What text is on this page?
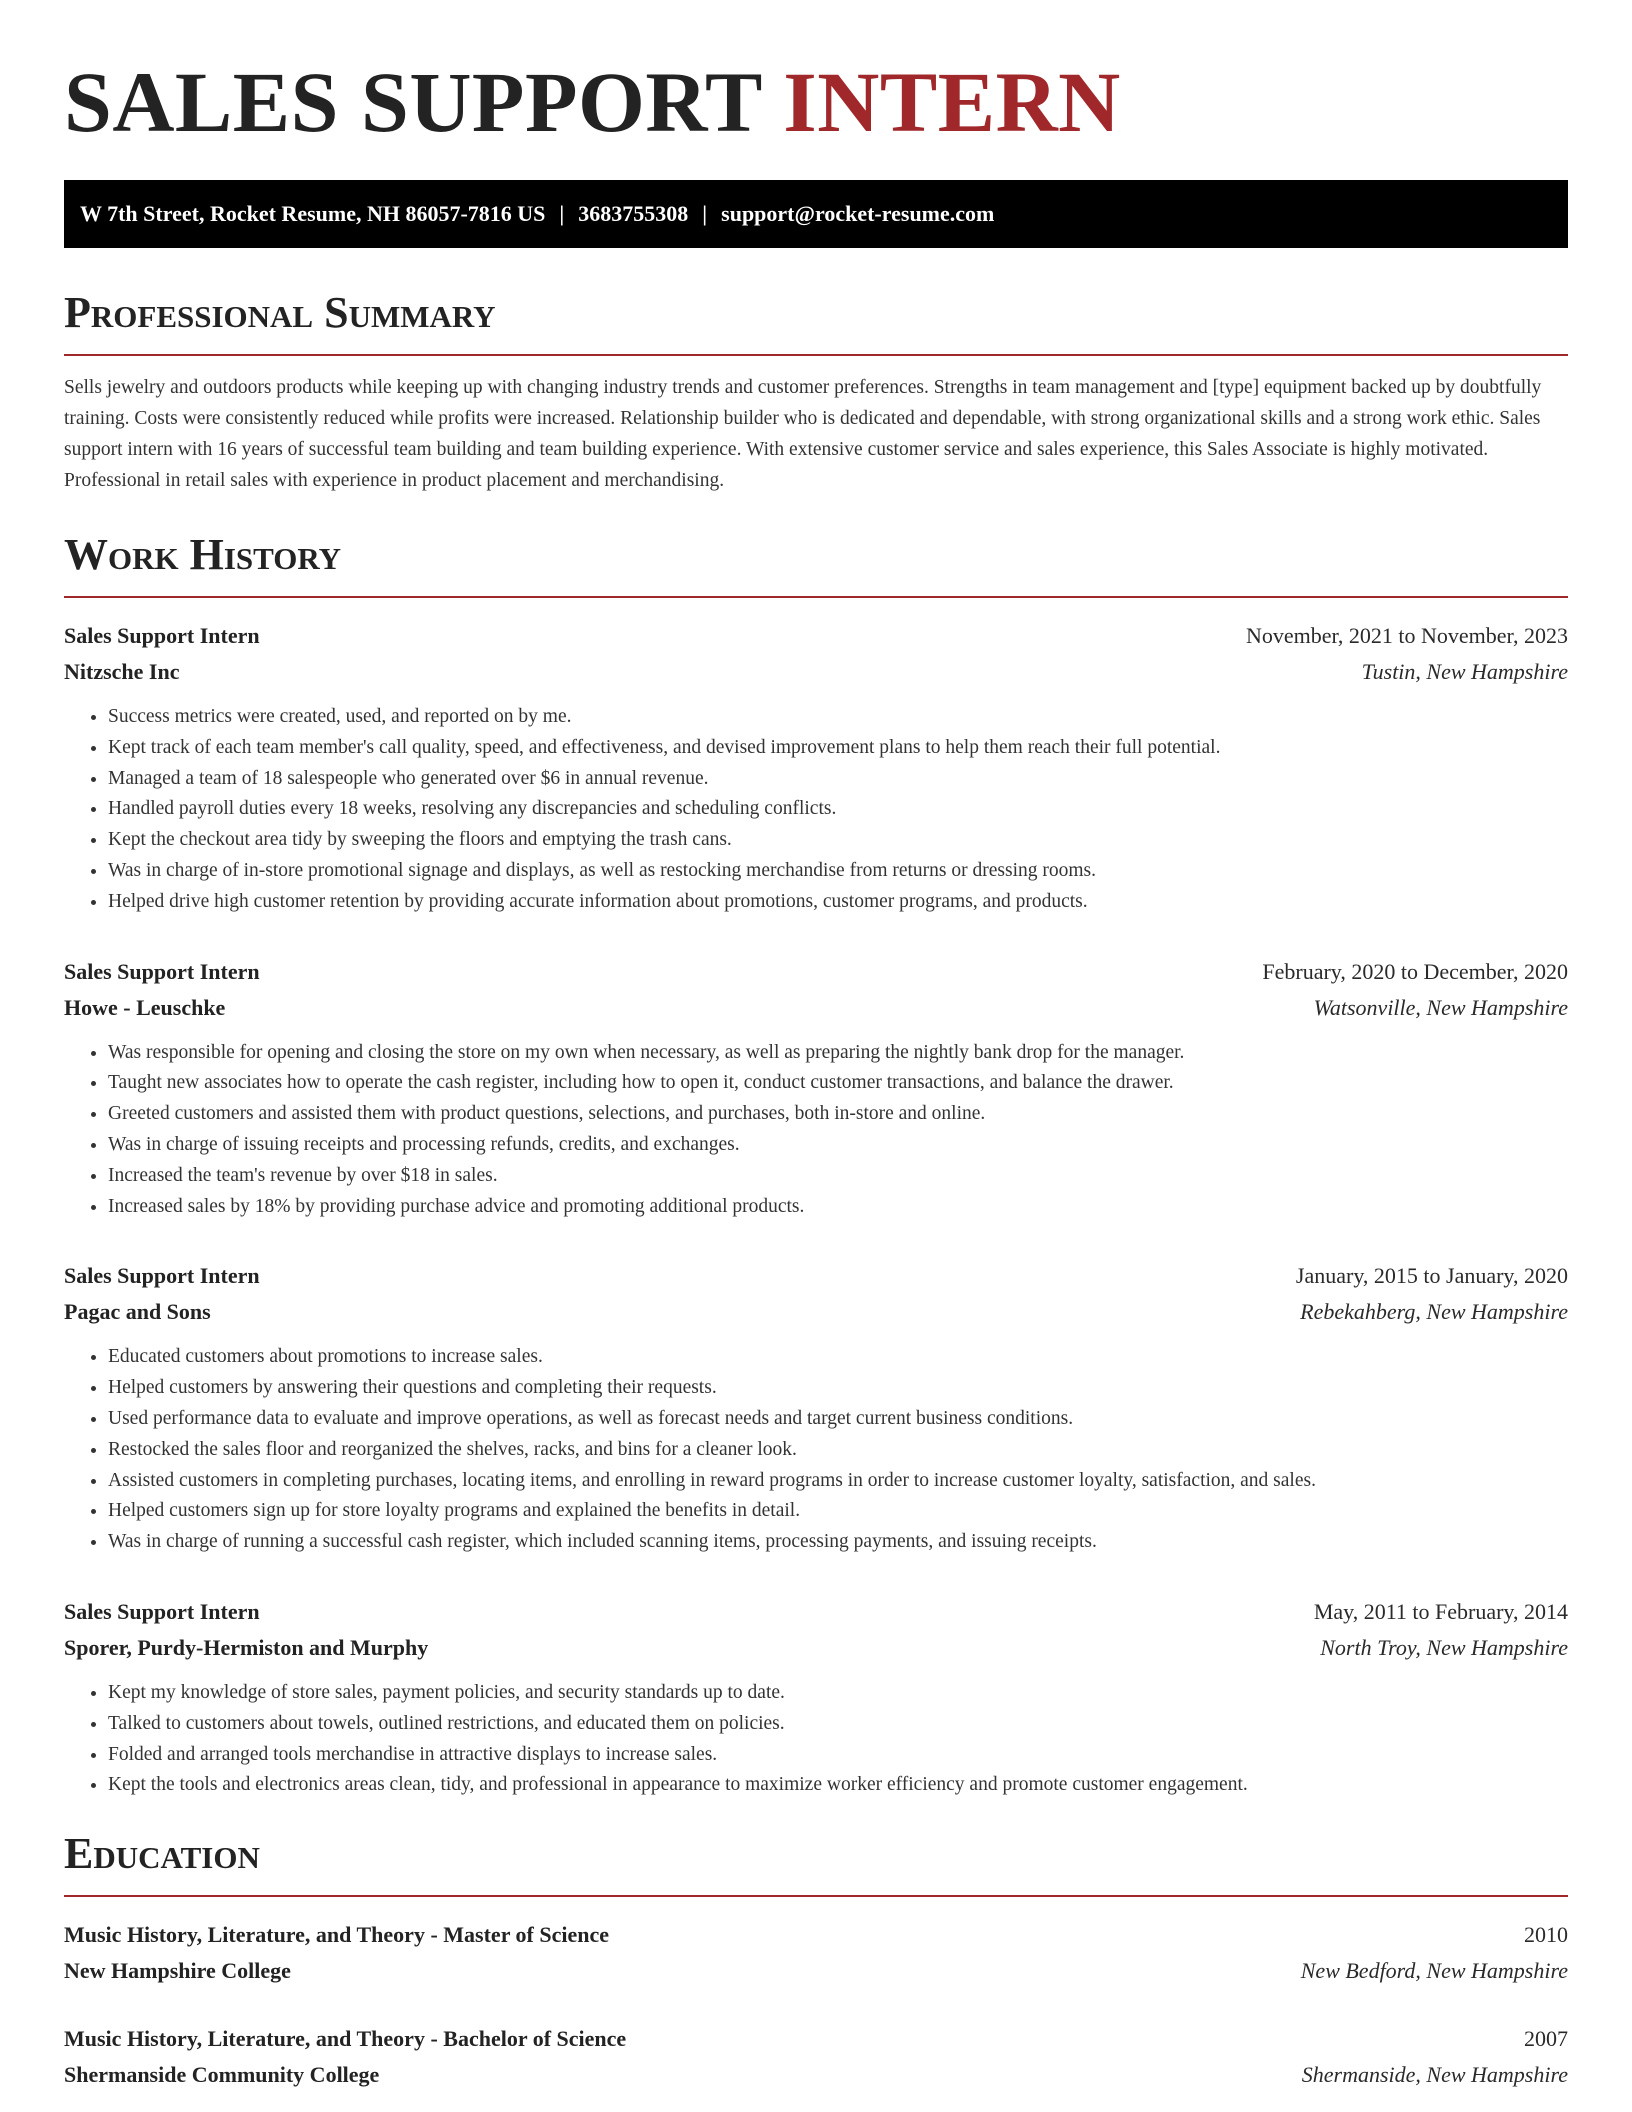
SALES SUPPORT INTERN
W 7th Street, Rocket Resume, NH 86057-7816 US | 3683755308 | support@rocket-resume.com
Professional Summary

Sells jewelry and outdoors products while keeping up with changing industry trends and customer preferences. Strengths in team management and [type] equipment backed up by doubtfully training. Costs were consistently reduced while profits were increased. Relationship builder who is dedicated and dependable, with strong organizational skills and a strong work ethic. Sales support intern with 16 years of successful team building and team building experience. With extensive customer service and sales experience, this Sales Associate is highly motivated. Professional in retail sales with experience in product placement and merchandising.

Work History
Sales Support Intern	November, 2021 to November, 2023
Nitzsche Inc	Tustin, New Hampshire
• Success metrics were created, used, and reported on by me.
• Kept track of each team member's call quality, speed, and effectiveness, and devised improvement plans to help them reach their full potential.
• Managed a team of 18 salespeople who generated over $6 in annual revenue.
• Handled payroll duties every 18 weeks, resolving any discrepancies and scheduling conflicts.
• Kept the checkout area tidy by sweeping the floors and emptying the trash cans.
• Was in charge of in-store promotional signage and displays, as well as restocking merchandise from returns or dressing rooms.
• Helped drive high customer retention by providing accurate information about promotions, customer programs, and products.
Sales Support Intern	February, 2020 to December, 2020
Howe - Leuschke	Watsonville, New Hampshire
• Was responsible for opening and closing the store on my own when necessary, as well as preparing the nightly bank drop for the manager.
• Taught new associates how to operate the cash register, including how to open it, conduct customer transactions, and balance the drawer.
• Greeted customers and assisted them with product questions, selections, and purchases, both in-store and online.
• Was in charge of issuing receipts and processing refunds, credits, and exchanges.
• Increased the team's revenue by over $18 in sales.
• Increased sales by 18% by providing purchase advice and promoting additional products.
Sales Support Intern	January, 2015 to January, 2020
Pagac and Sons	Rebekahberg, New Hampshire
• Educated customers about promotions to increase sales.
• Helped customers by answering their questions and completing their requests.
• Used performance data to evaluate and improve operations, as well as forecast needs and target current business conditions.
• Restocked the sales floor and reorganized the shelves, racks, and bins for a cleaner look.
• Assisted customers in completing purchases, locating items, and enrolling in reward programs in order to increase customer loyalty, satisfaction, and sales.
• Helped customers sign up for store loyalty programs and explained the benefits in detail.
• Was in charge of running a successful cash register, which included scanning items, processing payments, and issuing receipts.
Sales Support Intern	May, 2011 to February, 2014
Sporer, Purdy-Hermiston and Murphy	North Troy, New Hampshire
• Kept my knowledge of store sales, payment policies, and security standards up to date.
• Talked to customers about towels, outlined restrictions, and educated them on policies.
• Folded and arranged tools merchandise in attractive displays to increase sales.
• Kept the tools and electronics areas clean, tidy, and professional in appearance to maximize worker efficiency and promote customer engagement.
Education
Music History, Literature, and Theory - Master of Science	2010
New Hampshire College	New Bedford, New Hampshire
Music History, Literature, and Theory - Bachelor of Science	2007
Shermanside Community College	Shermanside, New Hampshire
